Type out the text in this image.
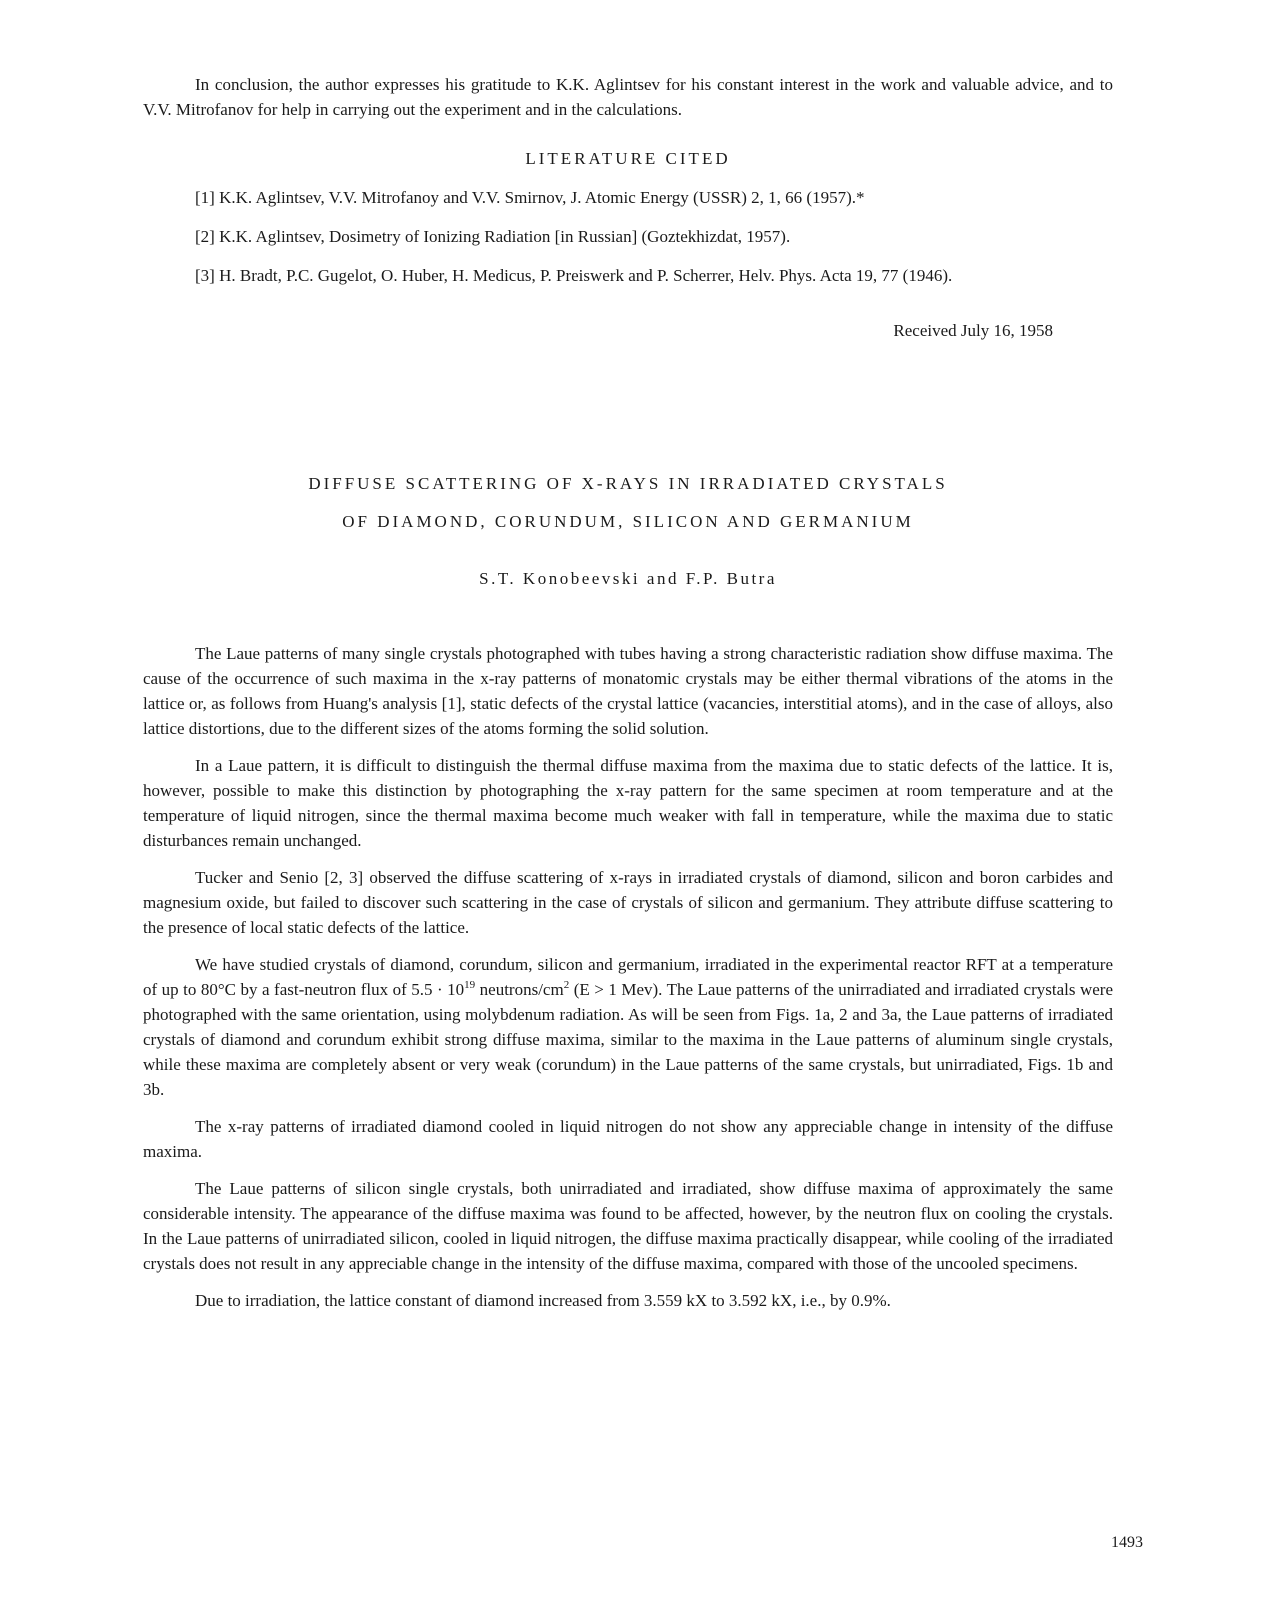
In conclusion, the author expresses his gratitude to K.K. Aglintsev for his constant interest in the work and valuable advice, and to V.V. Mitrofanov for help in carrying out the experiment and in the calculations.

LITERATURE CITED

[1] K.K. Aglintsev, V.V. Mitrofanoy and V.V. Smirnov, J. Atomic Energy (USSR) 2, 1, 66 (1957).*

[2] K.K. Aglintsev, Dosimetry of Ionizing Radiation [in Russian] (Goztekhizdat, 1957).

[3] H. Bradt, P.C. Gugelot, O. Huber, H. Medicus, P. Preiswerk and P. Scherrer, Helv. Phys. Acta 19, 77 (1946).

Received July 16, 1958

DIFFUSE SCATTERING OF X-RAYS IN IRRADIATED CRYSTALS
OF DIAMOND, CORUNDUM, SILICON AND GERMANIUM
S.T. Konobeevski and F.P. Butra

The Laue patterns of many single crystals photographed with tubes having a strong characteristic radiation show diffuse maxima. The cause of the occurrence of such maxima in the x-ray patterns of monatomic crystals may be either thermal vibrations of the atoms in the lattice or, as follows from Huang's analysis [1], static defects of the crystal lattice (vacancies, interstitial atoms), and in the case of alloys, also lattice distortions, due to the different sizes of the atoms forming the solid solution.

In a Laue pattern, it is difficult to distinguish the thermal diffuse maxima from the maxima due to static defects of the lattice. It is, however, possible to make this distinction by photographing the x-ray pattern for the same specimen at room temperature and at the temperature of liquid nitrogen, since the thermal maxima become much weaker with fall in temperature, while the maxima due to static disturbances remain unchanged.

Tucker and Senio [2, 3] observed the diffuse scattering of x-rays in irradiated crystals of diamond, silicon and boron carbides and magnesium oxide, but failed to discover such scattering in the case of crystals of silicon and germanium. They attribute diffuse scattering to the presence of local static defects of the lattice.

We have studied crystals of diamond, corundum, silicon and germanium, irradiated in the experimental reactor RFT at a temperature of up to 80°C by a fast-neutron flux of $5.5 \cdot 10^{19}$ neutrons/$cm^2$ (E > 1 Mev). The Laue patterns of the unirradiated and irradiated crystals were photographed with the same orientation, using molybdenum radiation. As will be seen from Figs. 1a, 2 and 3a, the Laue patterns of irradiated crystals of diamond and corundum exhibit strong diffuse maxima, similar to the maxima in the Laue patterns of aluminum single crystals, while these maxima are completely absent or very weak (corundum) in the Laue patterns of the same crystals, but unirradiated, Figs. 1b and 3b.

The x-ray patterns of irradiated diamond cooled in liquid nitrogen do not show any appreciable change in intensity of the diffuse maxima.

The Laue patterns of silicon single crystals, both unirradiated and irradiated, show diffuse maxima of approximately the same considerable intensity. The appearance of the diffuse maxima was found to be affected, however, by the neutron flux on cooling the crystals. In the Laue patterns of unirradiated silicon, cooled in liquid nitrogen, the diffuse maxima practically disappear, while cooling of the irradiated crystals does not result in any appreciable change in the intensity of the diffuse maxima, compared with those of the uncooled specimens.

Due to irradiation, the lattice constant of diamond increased from 3.559 kX to 3.592 kX, i.e., by 0.9%.

1493
